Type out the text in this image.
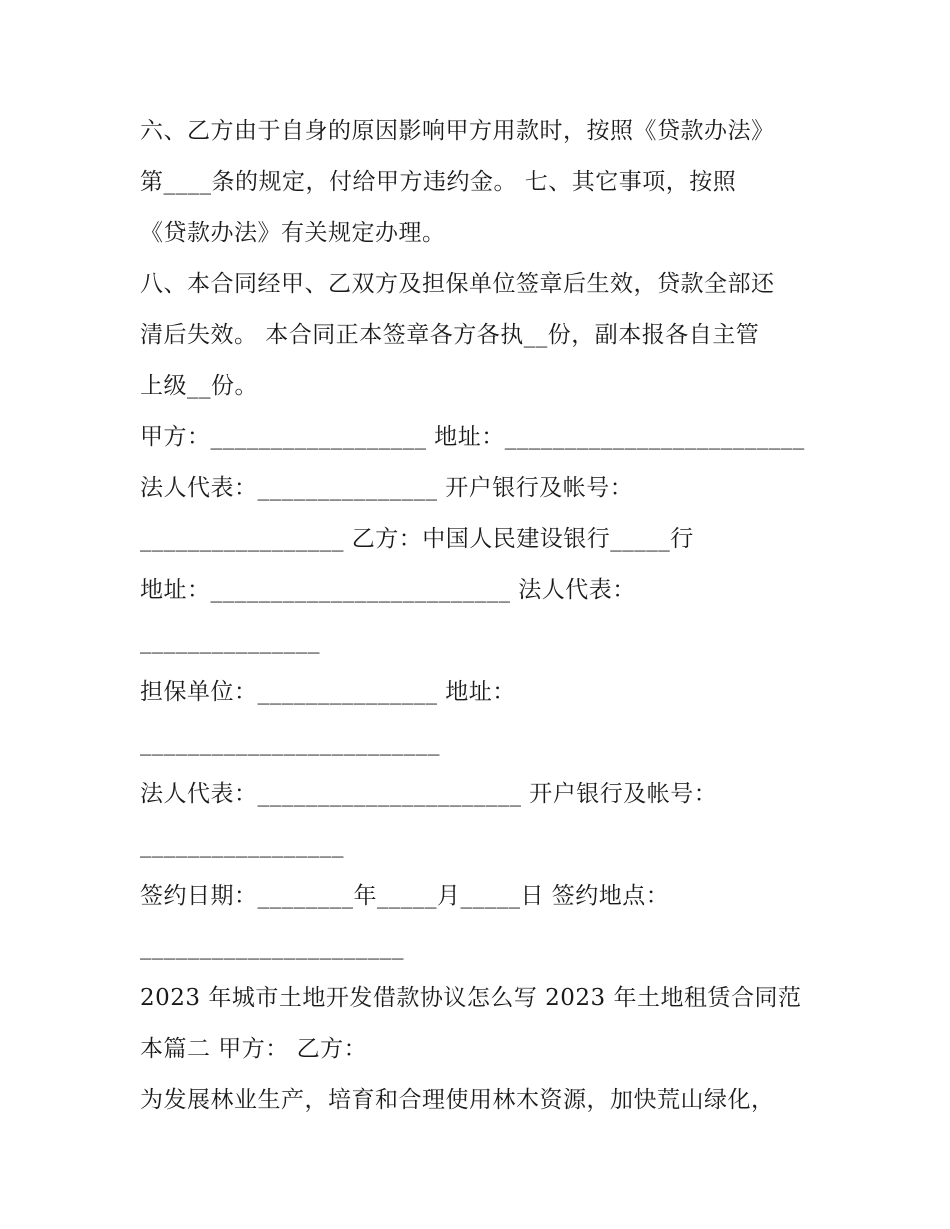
六、乙方由于自身的原因影响甲方用款时，按照《贷款办法》
第____条的规定，付给甲方违约金。 七、其它事项，按照
《贷款办法》有关规定办理。
八、本合同经甲、乙双方及担保单位签章后生效，贷款全部还
清后失效。 本合同正本签章各方各执__份，副本报各自主管
上级__份。
甲方：__________________ 地址：_________________________
法人代表：_______________ 开户银行及帐号：
_________________ 乙方：中国人民建设银行_____行
地址：_________________________ 法人代表：
_______________
担保单位：_______________ 地址：
_________________________
法人代表：______________________ 开户银行及帐号：
_________________
签约日期：________年_____月_____日 签约地点：
______________________
2023 年城市土地开发借款协议怎么写 2023 年土地租赁合同范
本篇二 甲方： 乙方：
为发展林业生产，培育和合理使用林木资源，加快荒山绿化，
